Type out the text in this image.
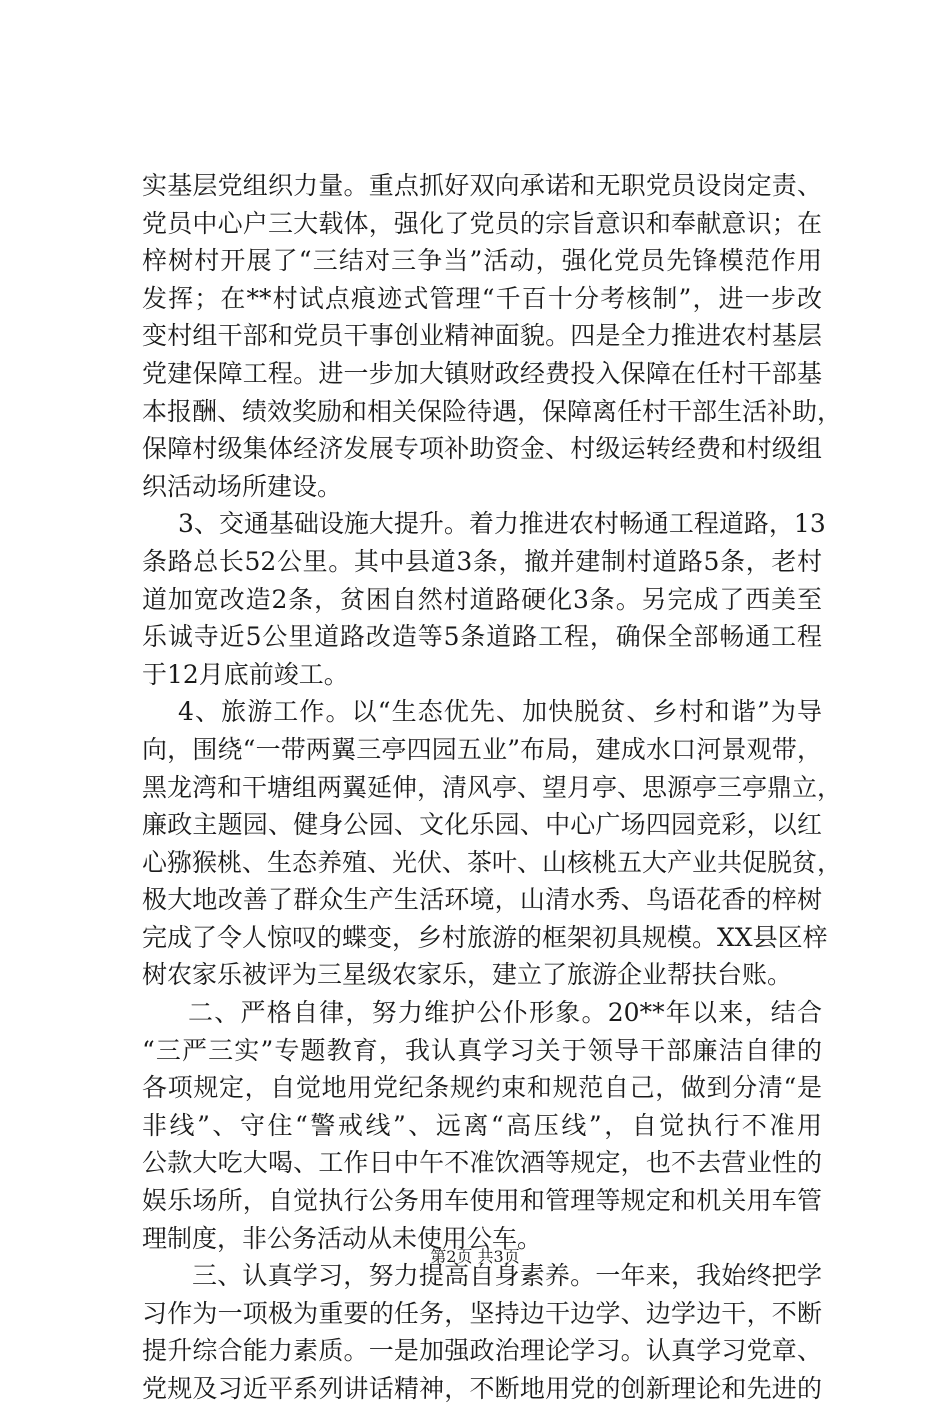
实基层党组织力量。重点抓好双向承诺和无职党员设岗定责、
党员中心户三大载体，强化了党员的宗旨意识和奉献意识；在
梓树村开展了“三结对三争当”活动，强化党员先锋模范作用
发挥；在**村试点痕迹式管理“千百十分考核制”，进一步改
变村组干部和党员干事创业精神面貌。四是全力推进农村基层
党建保障工程。进一步加大镇财政经费投入保障在任村干部基
本报酬、绩效奖励和相关保险待遇，保障离任村干部生活补助，
保障村级集体经济发展专项补助资金、村级运转经费和村级组
织活动场所建设。
3、交通基础设施大提升。着力推进农村畅通工程道路，13
条路总长52公里。其中县道3条，撤并建制村道路5条，老村
道加宽改造2条，贫困自然村道路硬化3条。另完成了西美至
乐诚寺近5公里道路改造等5条道路工程，确保全部畅通工程
于12月底前竣工。
4、旅游工作。以“生态优先、加快脱贫、乡村和谐”为导
向，围绕“一带两翼三亭四园五业”布局，建成水口河景观带，
黑龙湾和干塘组两翼延伸，清风亭、望月亭、思源亭三亭鼎立，
廉政主题园、健身公园、文化乐园、中心广场四园竞彩，以红
心猕猴桃、生态养殖、光伏、茶叶、山核桃五大产业共促脱贫，
极大地改善了群众生产生活环境，山清水秀、鸟语花香的梓树
完成了令人惊叹的蝶变，乡村旅游的框架初具规模。XX县区梓
树农家乐被评为三星级农家乐，建立了旅游企业帮扶台账。
二、严格自律，努力维护公仆形象。20**年以来，结合
“三严三实”专题教育，我认真学习关于领导干部廉洁自律的
各项规定，自觉地用党纪条规约束和规范自己，做到分清“是
非线”、守住“警戒线”、远离“高压线”，自觉执行不准用
公款大吃大喝、工作日中午不准饮酒等规定，也不去营业性的
娱乐场所，自觉执行公务用车使用和管理等规定和机关用车管
理制度，非公务活动从未使用公车。
三、认真学习，努力提高自身素养。一年来，我始终把学
习作为一项极为重要的任务，坚持边干边学、边学边干，不断
提升综合能力素质。一是加强政治理论学习。认真学习党章、
党规及习近平系列讲话精神，不断地用党的创新理论和先进的
第2页 共3页
